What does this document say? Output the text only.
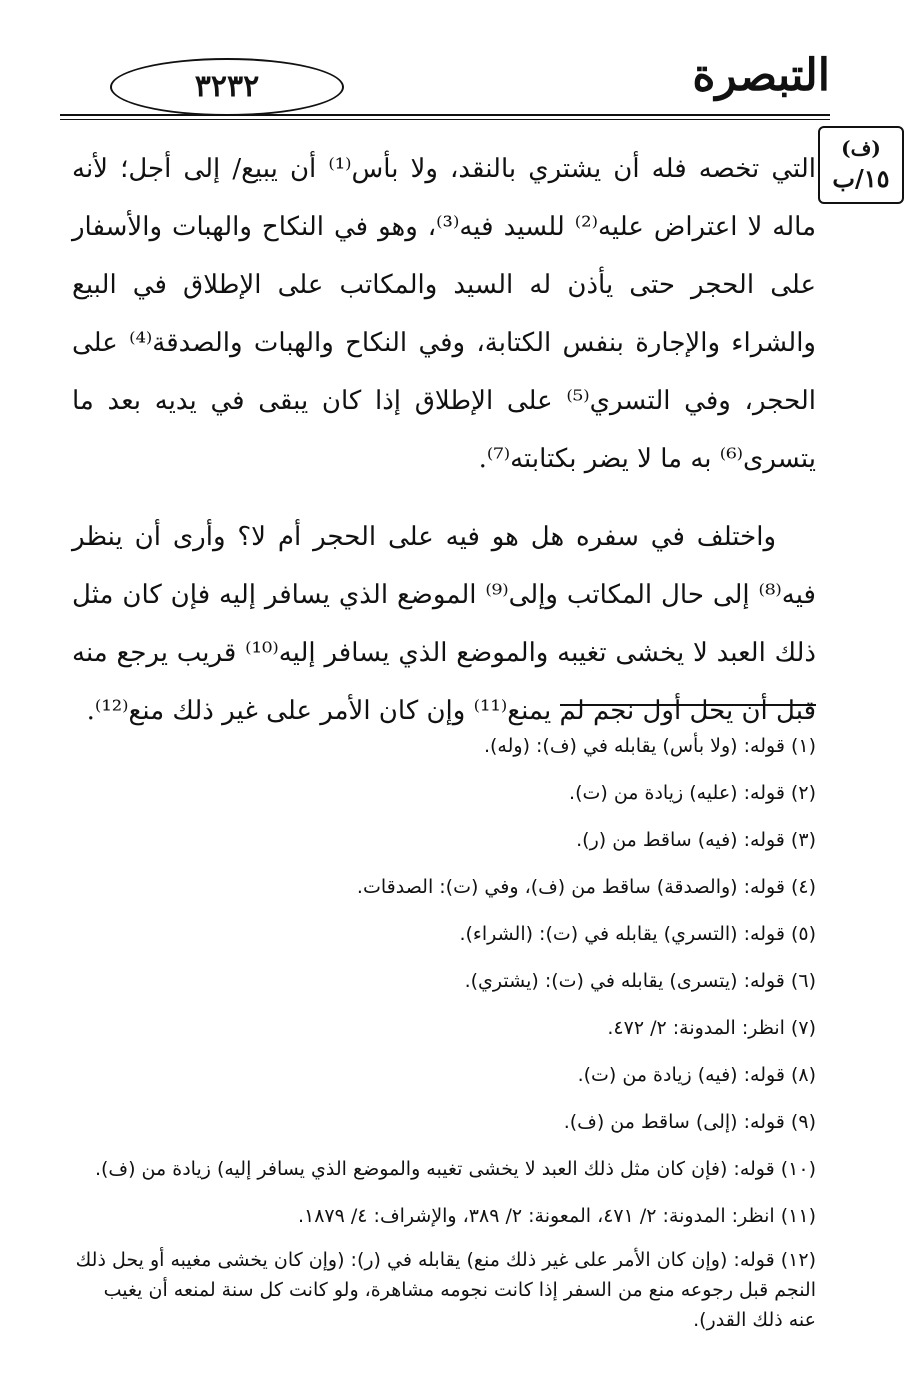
التبصرة
٣٢٣٢
(ف)
١٥/ب

التي تخصه فله أن يشتري بالنقد، ولا بأس⁽¹⁾ أن يبيع/ إلى أجل؛ لأنه ماله لا اعتراض عليه⁽²⁾ للسيد فيه⁽³⁾، وهو في النكاح والهبات والأسفار على الحجر حتى يأذن له السيد والمكاتب على الإطلاق في البيع والشراء والإجارة بنفس الكتابة، وفي النكاح والهبات والصدقة⁽⁴⁾ على الحجر، وفي التسري⁽⁵⁾ على الإطلاق إذا كان يبقى في يديه بعد ما يتسرى⁽⁶⁾ به ما لا يضر بكتابته⁽⁷⁾.

واختلف في سفره هل هو فيه على الحجر أم لا؟ وأرى أن ينظر فيه⁽⁸⁾ إلى حال المكاتب وإلى⁽⁹⁾ الموضع الذي يسافر إليه فإن كان مثل ذلك العبد لا يخشى تغيبه والموضع الذي يسافر إليه⁽¹⁰⁾ قريب يرجع منه قبل أن يحل أول نجم لم يمنع⁽¹¹⁾ وإن كان الأمر على غير ذلك منع⁽¹²⁾.

(١) قوله: (ولا بأس) يقابله في (ف): (وله).
(٢) قوله: (عليه) زيادة من (ت).
(٣) قوله: (فيه) ساقط من (ر).
(٤) قوله: (والصدقة) ساقط من (ف)، وفي (ت): الصدقات.
(٥) قوله: (التسري) يقابله في (ت): (الشراء).
(٦) قوله: (يتسرى) يقابله في (ت): (يشتري).
(٧) انظر: المدونة: ٢/ ٤٧٢.
(٨) قوله: (فيه) زيادة من (ت).
(٩) قوله: (إلى) ساقط من (ف).
(١٠) قوله: (فإن كان مثل ذلك العبد لا يخشى تغيبه والموضع الذي يسافر إليه) زيادة من (ف).
(١١) انظر: المدونة: ٢/ ٤٧١، المعونة: ٢/ ٣٨٩، والإشراف: ٤/ ١٨٧٩.
(١٢) قوله: (وإن كان الأمر على غير ذلك منع) يقابله في (ر): (وإن كان يخشى مغيبه أو يحل ذلك النجم قبل رجوعه منع من السفر إذا كانت نجومه مشاهرة، ولو كانت كل سنة لمنعه أن يغيب عنه ذلك القدر).
